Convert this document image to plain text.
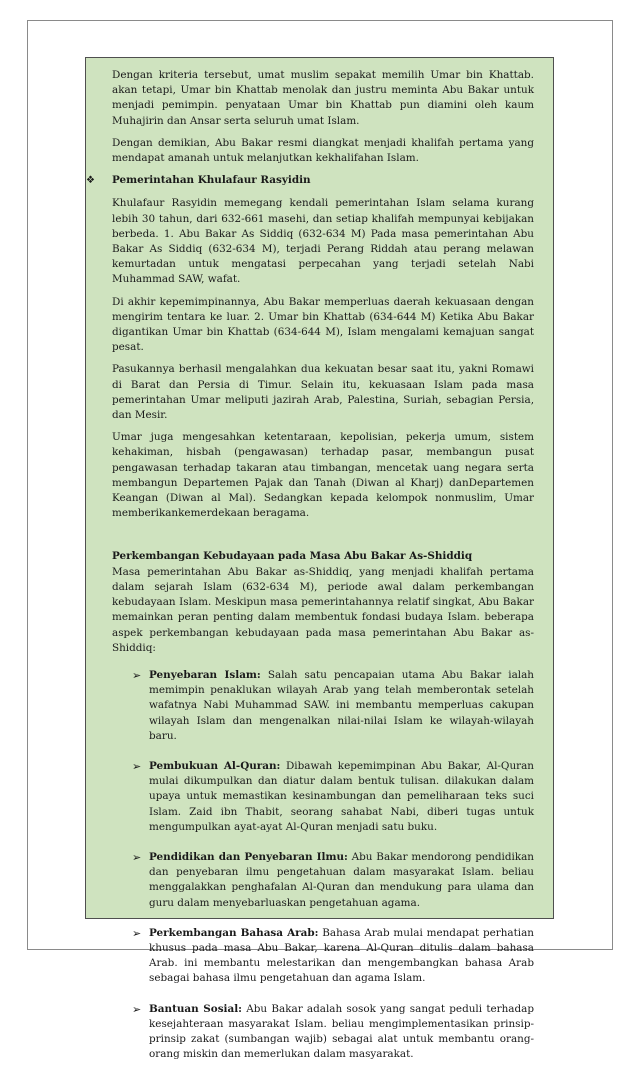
Dengan kriteria tersebut, umat muslim sepakat memilih Umar bin Khattab. akan tetapi, Umar bin Khattab menolak dan justru meminta Abu Bakar untuk menjadi pemimpin. penyataan Umar bin Khattab pun diamini oleh kaum Muhajirin dan Ansar serta seluruh umat Islam.

Dengan demikian, Abu Bakar resmi diangkat menjadi khalifah pertama yang mendapat amanah untuk melanjutkan kekhalifahan Islam.

❖ Pemerintahan Khulafaur Rasyidin

Khulafaur Rasyidin memegang kendali pemerintahan Islam selama kurang lebih 30 tahun, dari 632-661 masehi, dan setiap khalifah mempunyai kebijakan berbeda. 1. Abu Bakar As Siddiq (632-634 M) Pada masa pemerintahan Abu Bakar As Siddiq (632-634 M), terjadi Perang Riddah atau perang melawan kemurtadan untuk mengatasi perpecahan yang terjadi setelah Nabi Muhammad SAW, wafat.

Di akhir kepemimpinannya, Abu Bakar memperluas daerah kekuasaan dengan mengirim tentara ke luar. 2. Umar bin Khattab (634-644 M) Ketika Abu Bakar digantikan Umar bin Khattab (634-644 M), Islam mengalami kemajuan sangat pesat.

Pasukannya berhasil mengalahkan dua kekuatan besar saat itu, yakni Romawi di Barat dan Persia di Timur. Selain itu, kekuasaan Islam pada masa pemerintahan Umar meliputi jazirah Arab, Palestina, Suriah, sebagian Persia, dan Mesir.

Umar juga mengesahkan ketentaraan, kepolisian, pekerja umum, sistem kehakiman, hisbah (pengawasan) terhadap pasar, membangun pusat pengawasan terhadap takaran atau timbangan, mencetak uang negara serta membangun Departemen Pajak dan Tanah (Diwan al Kharj) danDepartemen Keangan (Diwan al Mal). Sedangkan kepada kelompok nonmuslim, Umar memberikankemerdekaan beragama.

Perkembangan Kebudayaan pada Masa Abu Bakar As-Shiddiq

Masa pemerintahan Abu Bakar as-Shiddiq, yang menjadi khalifah pertama dalam sejarah Islam (632-634 M), periode awal dalam perkembangan kebudayaan Islam. Meskipun masa pemerintahannya relatif singkat, Abu Bakar memainkan peran penting dalam membentuk fondasi budaya Islam. beberapa aspek perkembangan kebudayaan pada masa pemerintahan Abu Bakar as-Shiddiq:

➢ Penyebaran Islam: Salah satu pencapaian utama Abu Bakar ialah memimpin penaklukan wilayah Arab yang telah memberontak setelah wafatnya Nabi Muhammad SAW. ini membantu memperluas cakupan wilayah Islam dan mengenalkan nilai-nilai Islam ke wilayah-wilayah baru.
➢ Pembukuan Al-Quran: Dibawah kepemimpinan Abu Bakar, Al-Quran mulai dikumpulkan dan diatur dalam bentuk tulisan. dilakukan dalam upaya untuk memastikan kesinambungan dan pemeliharaan teks suci Islam. Zaid ibn Thabit, seorang sahabat Nabi, diberi tugas untuk mengumpulkan ayat-ayat Al-Quran menjadi satu buku.
➢ Pendidikan dan Penyebaran Ilmu: Abu Bakar mendorong pendidikan dan penyebaran ilmu pengetahuan dalam masyarakat Islam. beliau menggalakkan penghafalan Al-Quran dan mendukung para ulama dan guru dalam menyebarluaskan pengetahuan agama.
➢ Perkembangan Bahasa Arab: Bahasa Arab mulai mendapat perhatian khusus pada masa Abu Bakar, karena Al-Quran ditulis dalam bahasa Arab. ini membantu melestarikan dan mengembangkan bahasa Arab sebagai bahasa ilmu pengetahuan dan agama Islam.
➢ Bantuan Sosial: Abu Bakar adalah sosok yang sangat peduli terhadap kesejahteraan masyarakat Islam. beliau mengimplementasikan prinsip-prinsip zakat (sumbangan wajib) sebagai alat untuk membantu orang-orang miskin dan memerlukan dalam masyarakat.
